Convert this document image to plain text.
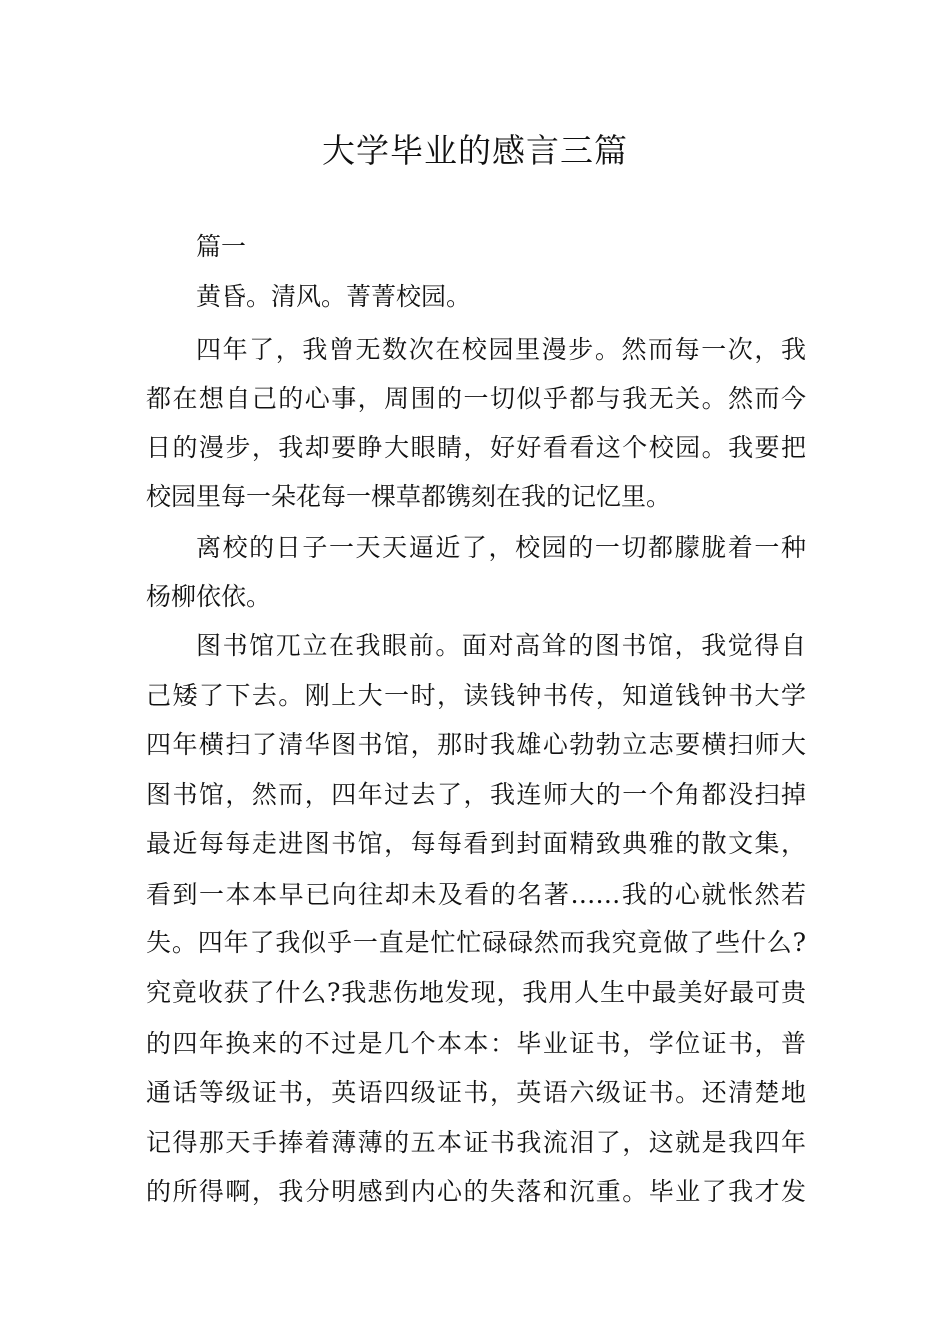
大学毕业的感言三篇
篇一
黄昏。清风。菁菁校园。
四年了，我曾无数次在校园里漫步。然而每一次，我
都在想自己的心事，周围的一切似乎都与我无关。然而今
日的漫步，我却要睁大眼睛，好好看看这个校园。我要把
校园里每一朵花每一棵草都镌刻在我的记忆里。
离校的日子一天天逼近了，校园的一切都朦胧着一种
杨柳依依。
图书馆兀立在我眼前。面对高耸的图书馆，我觉得自
己矮了下去。刚上大一时，读钱钟书传，知道钱钟书大学
四年横扫了清华图书馆，那时我雄心勃勃立志要横扫师大
图书馆，然而，四年过去了，我连师大的一个角都没扫掉
最近每每走进图书馆，每每看到封面精致典雅的散文集，
看到一本本早已向往却未及看的名著……我的心就怅然若
失。四年了我似乎一直是忙忙碌碌然而我究竟做了些什么?
究竟收获了什么?我悲伤地发现，我用人生中最美好最可贵
的四年换来的不过是几个本本：毕业证书，学位证书，普
通话等级证书，英语四级证书，英语六级证书。还清楚地
记得那天手捧着薄薄的五本证书我流泪了，这就是我四年
的所得啊，我分明感到内心的失落和沉重。毕业了我才发
